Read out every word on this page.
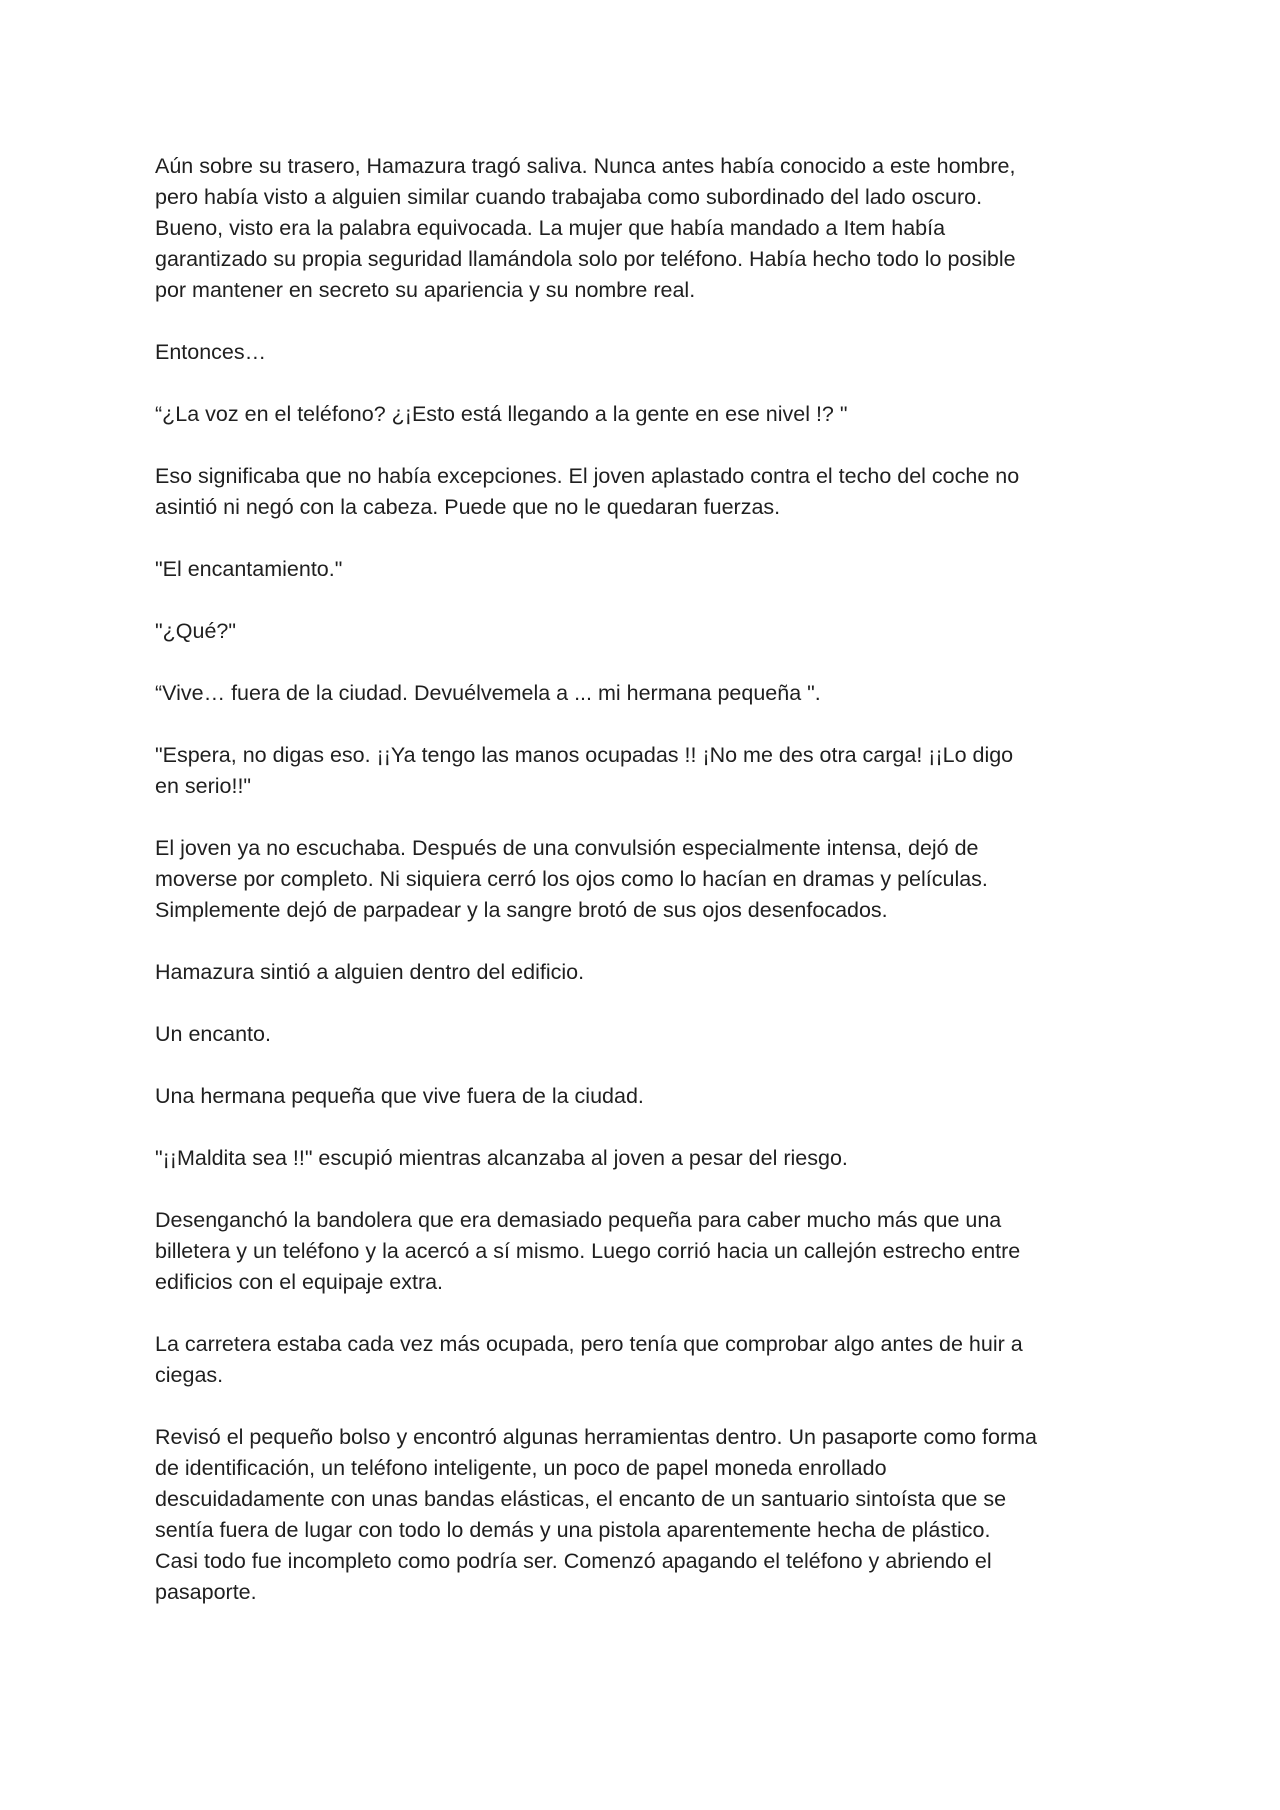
Aún sobre su trasero, Hamazura tragó saliva. Nunca antes había conocido a este hombre,
pero había visto a alguien similar cuando trabajaba como subordinado del lado oscuro.
Bueno, visto era la palabra equivocada. La mujer que había mandado a Item había
garantizado su propia seguridad llamándola solo por teléfono. Había hecho todo lo posible
por mantener en secreto su apariencia y su nombre real.
Entonces…
“¿La voz en el teléfono? ¿¡Esto está llegando a la gente en ese nivel !? "
Eso significaba que no había excepciones. El joven aplastado contra el techo del coche no
asintió ni negó con la cabeza. Puede que no le quedaran fuerzas.
"El encantamiento."
"¿Qué?"
“Vive… fuera de la ciudad. Devuélvemela a ... mi hermana pequeña ".
"Espera, no digas eso. ¡¡Ya tengo las manos ocupadas !! ¡No me des otra carga! ¡¡Lo digo
en serio!!"
El joven ya no escuchaba. Después de una convulsión especialmente intensa, dejó de
moverse por completo. Ni siquiera cerró los ojos como lo hacían en dramas y películas.
Simplemente dejó de parpadear y la sangre brotó de sus ojos desenfocados.
Hamazura sintió a alguien dentro del edificio.
Un encanto.
Una hermana pequeña que vive fuera de la ciudad.
"¡¡Maldita sea !!" escupió mientras alcanzaba al joven a pesar del riesgo.
Desenganchó la bandolera que era demasiado pequeña para caber mucho más que una
billetera y un teléfono y la acercó a sí mismo. Luego corrió hacia un callejón estrecho entre
edificios con el equipaje extra.
La carretera estaba cada vez más ocupada, pero tenía que comprobar algo antes de huir a
ciegas.
Revisó el pequeño bolso y encontró algunas herramientas dentro. Un pasaporte como forma
de identificación, un teléfono inteligente, un poco de papel moneda enrollado
descuidadamente con unas bandas elásticas, el encanto de un santuario sintoísta que se
sentía fuera de lugar con todo lo demás y una pistola aparentemente hecha de plástico.
Casi todo fue incompleto como podría ser. Comenzó apagando el teléfono y abriendo el
pasaporte.
